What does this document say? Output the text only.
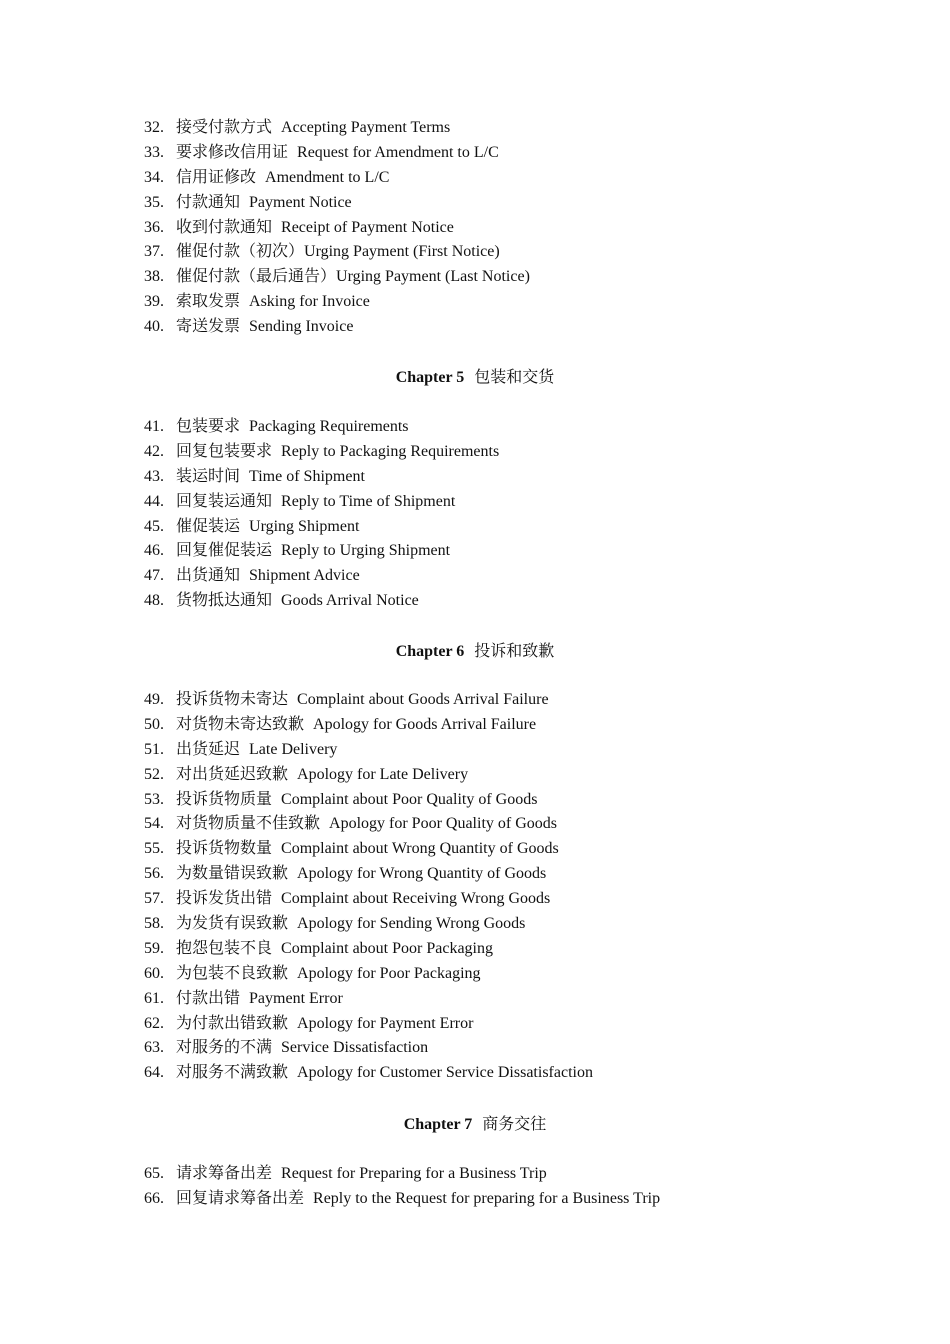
32. 接受付款方式 Accepting Payment Terms
33. 要求修改信用证 Request for Amendment to L/C
34. 信用证修改 Amendment to L/C
35. 付款通知 Payment Notice
36. 收到付款通知 Receipt of Payment Notice
37. 催促付款（初次）Urging Payment (First Notice)
38. 催促付款（最后通告）Urging Payment (Last Notice)
39. 索取发票 Asking for Invoice
40. 寄送发票 Sending Invoice
Chapter 5 包装和交货
41. 包装要求 Packaging Requirements
42. 回复包装要求 Reply to Packaging Requirements
43. 装运时间 Time of Shipment
44. 回复装运通知 Reply to Time of Shipment
45. 催促装运 Urging Shipment
46. 回复催促装运 Reply to Urging Shipment
47. 出货通知 Shipment Advice
48. 货物抵达通知 Goods Arrival Notice
Chapter 6 投诉和致歉
49. 投诉货物未寄达 Complaint about Goods Arrival Failure
50. 对货物未寄达致歉 Apology for Goods Arrival Failure
51. 出货延迟 Late Delivery
52. 对出货延迟致歉 Apology for Late Delivery
53. 投诉货物质量 Complaint about Poor Quality of Goods
54. 对货物质量不佳致歉 Apology for Poor Quality of Goods
55. 投诉货物数量 Complaint about Wrong Quantity of Goods
56. 为数量错误致歉 Apology for Wrong Quantity of Goods
57. 投诉发货出错 Complaint about Receiving Wrong Goods
58. 为发货有误致歉 Apology for Sending Wrong Goods
59. 抱怨包装不良 Complaint about Poor Packaging
60. 为包装不良致歉 Apology for Poor Packaging
61. 付款出错 Payment Error
62. 为付款出错致歉 Apology for Payment Error
63. 对服务的不满 Service Dissatisfaction
64. 对服务不满致歉 Apology for Customer Service Dissatisfaction
Chapter 7 商务交往
65. 请求筹备出差 Request for Preparing for a Business Trip
66. 回复请求筹备出差 Reply to the Request for preparing for a Business Trip
